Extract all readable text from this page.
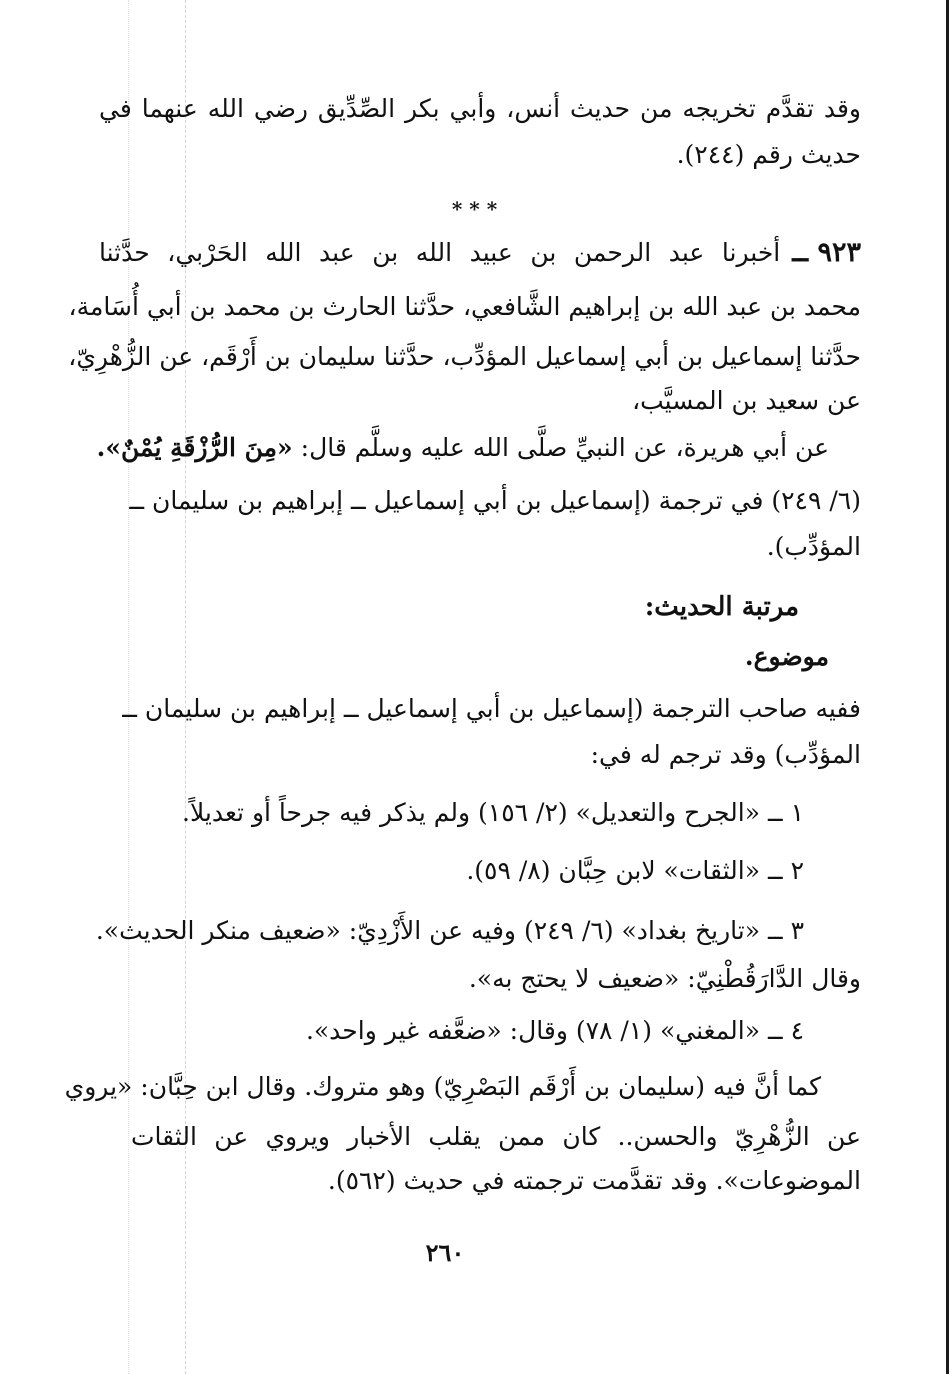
وقد تقدَّم تخريجه من حديث أنس، وأبي بكر الصِّدِّيق رضي الله عنهما في

حديث رقم (٢٤٤).

* * *

٩٢٣ ــ
أخبرنا عبد الرحمن بن عبيد الله بن عبد الله الحَرْبي، حدَّثنا

محمد بن عبد الله بن إبراهيم الشَّافعي، حدَّثنا الحارث بن محمد بن أبي أُسَامة،

حدَّثنا إسماعيل بن أبي إسماعيل المؤدِّب، حدَّثنا سليمان بن أَرْقَم، عن الزُّهْرِيّ،

عن سعيد بن المسيَّب،

عن أبي هريرة، عن النبيِّ صلَّى الله عليه وسلَّم قال: «مِنَ الرُّزْقَةِ يُمْنٌ».

(٦/ ٢٤٩) في ترجمة (إسماعيل بن أبي إسماعيل ــ إبراهيم بن سليمان ــ

المؤدِّب).

مرتبة الحديث:

موضوع.

ففيه صاحب الترجمة (إسماعيل بن أبي إسماعيل ــ إبراهيم بن سليمان ــ

المؤدِّب) وقد ترجم له في:

١ ــ «الجرح والتعديل» (٢/ ١٥٦) ولم يذكر فيه جرحاً أو تعديلاً.

٢ ــ «الثقات» لابن حِبَّان (٨/ ٥٩).

٣ ــ «تاريخ بغداد» (٦/ ٢٤٩) وفيه عن الأَزْدِيّ: «ضعيف منكر الحديث».

وقال الدَّارَقُطْنِيّ: «ضعيف لا يحتج به».

٤ ــ «المغني» (١/ ٧٨) وقال: «ضعَّفه غير واحد».

كما أنَّ فيه (سليمان بن أَرْقَم البَصْرِيّ) وهو متروك. وقال ابن حِبَّان: «يروي

عن الزُّهْرِيّ والحسن.. كان ممن يقلب الأخبار ويروي عن الثقات

الموضوعات». وقد تقدَّمت ترجمته في حديث (٥٦٢).

٢٦٠
